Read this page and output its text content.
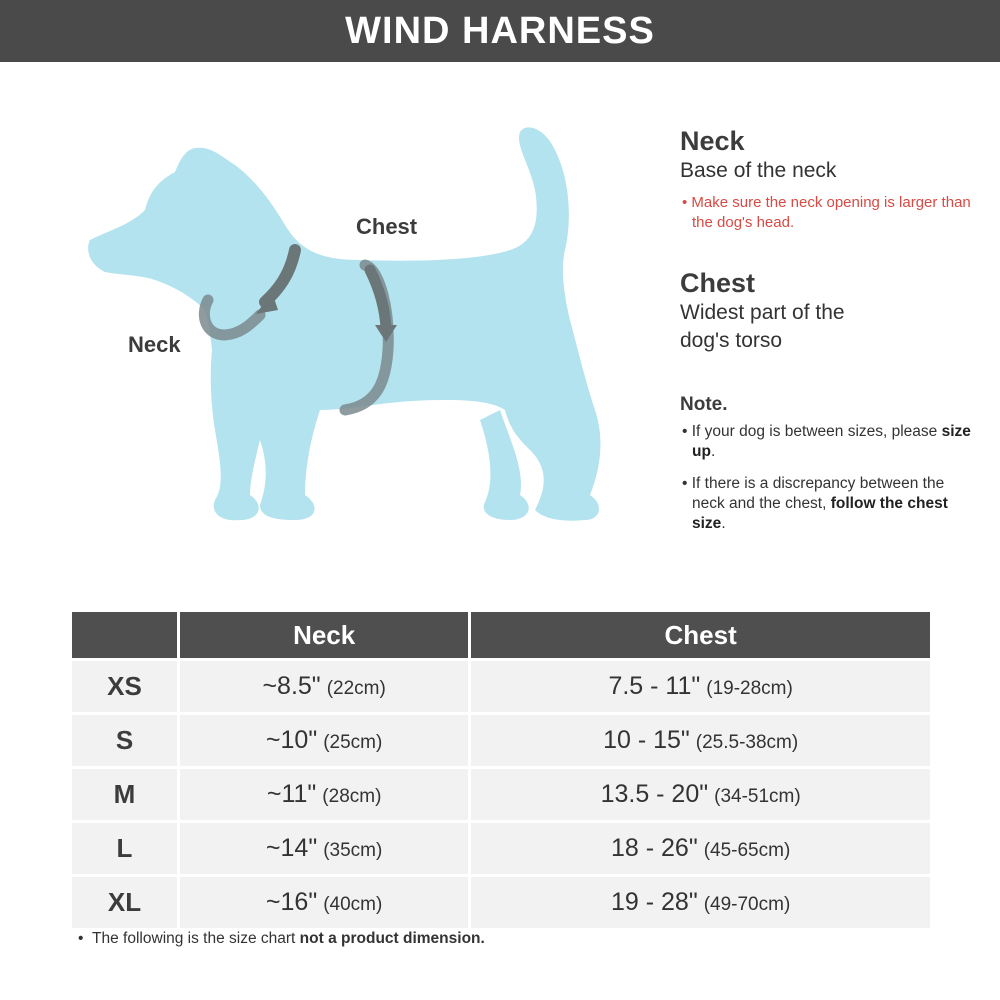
WIND HARNESS
Chest
Neck
Neck
Base of the neck
• Make sure the neck opening is larger than the dog's head.
Chest
Widest part of the
dog's torso
Note.
• If your dog is between sizes, please size up.
• If there is a discrepancy between the neck and the chest, follow the chest size.
	Neck	Chest
XS	~8.5" (22cm)	7.5 - 11" (19-28cm)
S	~10" (25cm)	10 - 15" (25.5-38cm)
M	~11" (28cm)	13.5 - 20" (34-51cm)
L	~14" (35cm)	18 - 26" (45-65cm)
XL	~16" (40cm)	19 - 28" (49-70cm)
•  The following is the size chart not a product dimension.
